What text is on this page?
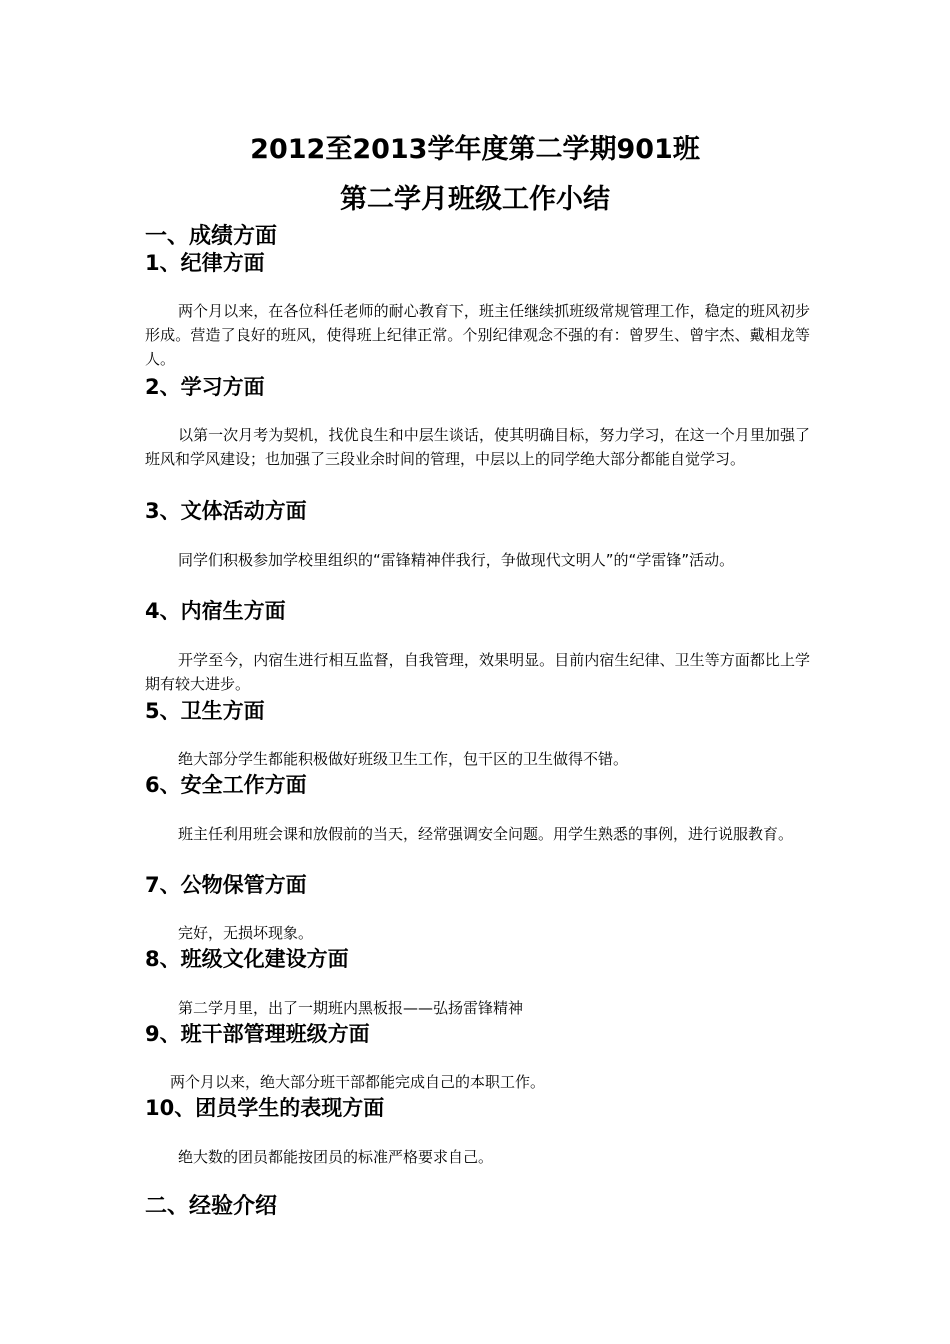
2012至2013学年度第二学期901班
第二学月班级工作小结
一、成绩方面
1、纪律方面
两个月以来，在各位科任老师的耐心教育下，班主任继续抓班级常规管理工作，稳定的班风初步形成。营造了良好的班风，使得班上纪律正常。个别纪律观念不强的有：曾罗生、曾宇杰、戴相龙等人。
2、学习方面
以第一次月考为契机，找优良生和中层生谈话，使其明确目标，努力学习，在这一个月里加强了班风和学风建设；也加强了三段业余时间的管理，中层以上的同学绝大部分都能自觉学习。
3、文体活动方面
同学们积极参加学校里组织的“雷锋精神伴我行，争做现代文明人”的“学雷锋”活动。
4、内宿生方面
开学至今，内宿生进行相互监督，自我管理，效果明显。目前内宿生纪律、卫生等方面都比上学期有较大进步。
5、卫生方面
绝大部分学生都能积极做好班级卫生工作，包干区的卫生做得不错。
6、安全工作方面
班主任利用班会课和放假前的当天，经常强调安全问题。用学生熟悉的事例，进行说服教育。
7、公物保管方面
完好，无损坏现象。
8、班级文化建设方面
第二学月里，出了一期班内黑板报——弘扬雷锋精神
9、班干部管理班级方面
两个月以来，绝大部分班干部都能完成自己的本职工作。
10、团员学生的表现方面
绝大数的团员都能按团员的标准严格要求自己。
二、经验介绍
